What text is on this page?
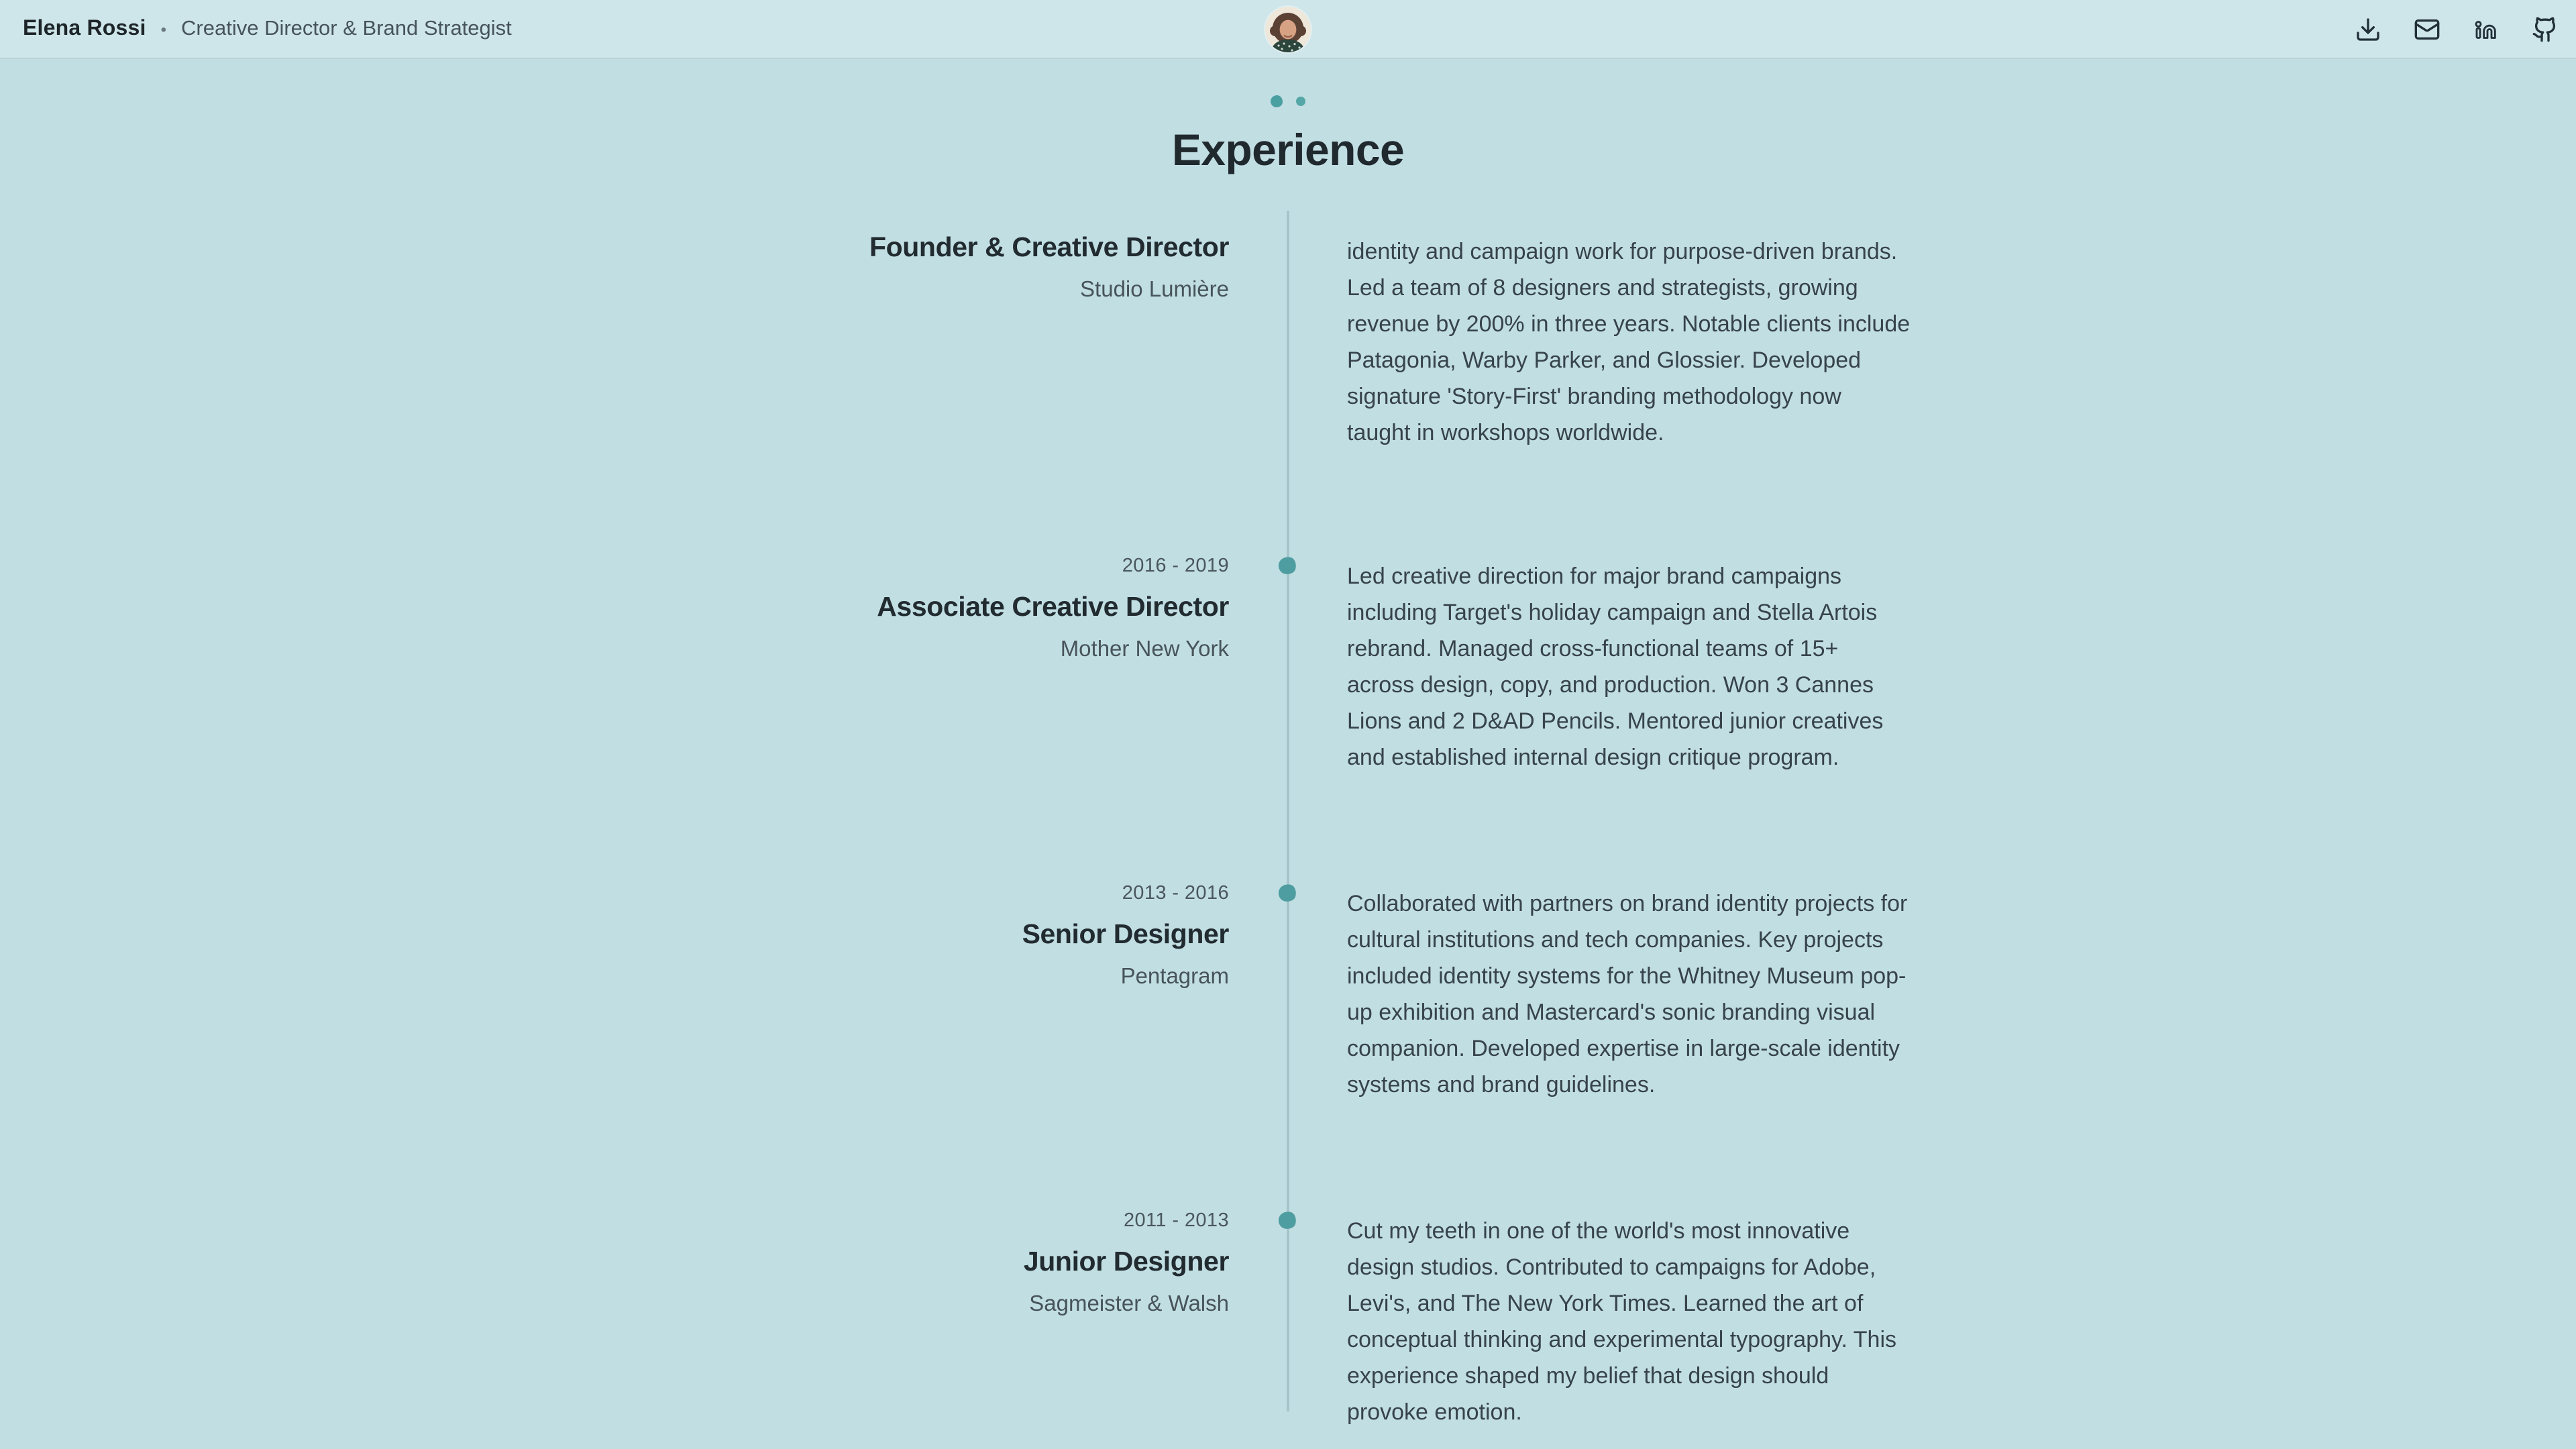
Elena Rossi • Creative Director & Brand Strategist
Experience
Founder & Creative Director
Studio Lumière

identity and campaign work for purpose-driven brands. Led a team of 8 designers and strategists, growing revenue by 200% in three years. Notable clients include Patagonia, Warby Parker, and Glossier. Developed signature 'Story-First' branding methodology now taught in workshops worldwide.

2016 - 2019
Associate Creative Director
Mother New York

Led creative direction for major brand campaigns including Target's holiday campaign and Stella Artois rebrand. Managed cross-functional teams of 15+ across design, copy, and production. Won 3 Cannes Lions and 2 D&AD Pencils. Mentored junior creatives and established internal design critique program.

2013 - 2016
Senior Designer
Pentagram

Collaborated with partners on brand identity projects for cultural institutions and tech companies. Key projects included identity systems for the Whitney Museum pop-up exhibition and Mastercard's sonic branding visual companion. Developed expertise in large-scale identity systems and brand guidelines.

2011 - 2013
Junior Designer
Sagmeister & Walsh

Cut my teeth in one of the world's most innovative design studios. Contributed to campaigns for Adobe, Levi's, and The New York Times. Learned the art of conceptual thinking and experimental typography. This experience shaped my belief that design should provoke emotion.
